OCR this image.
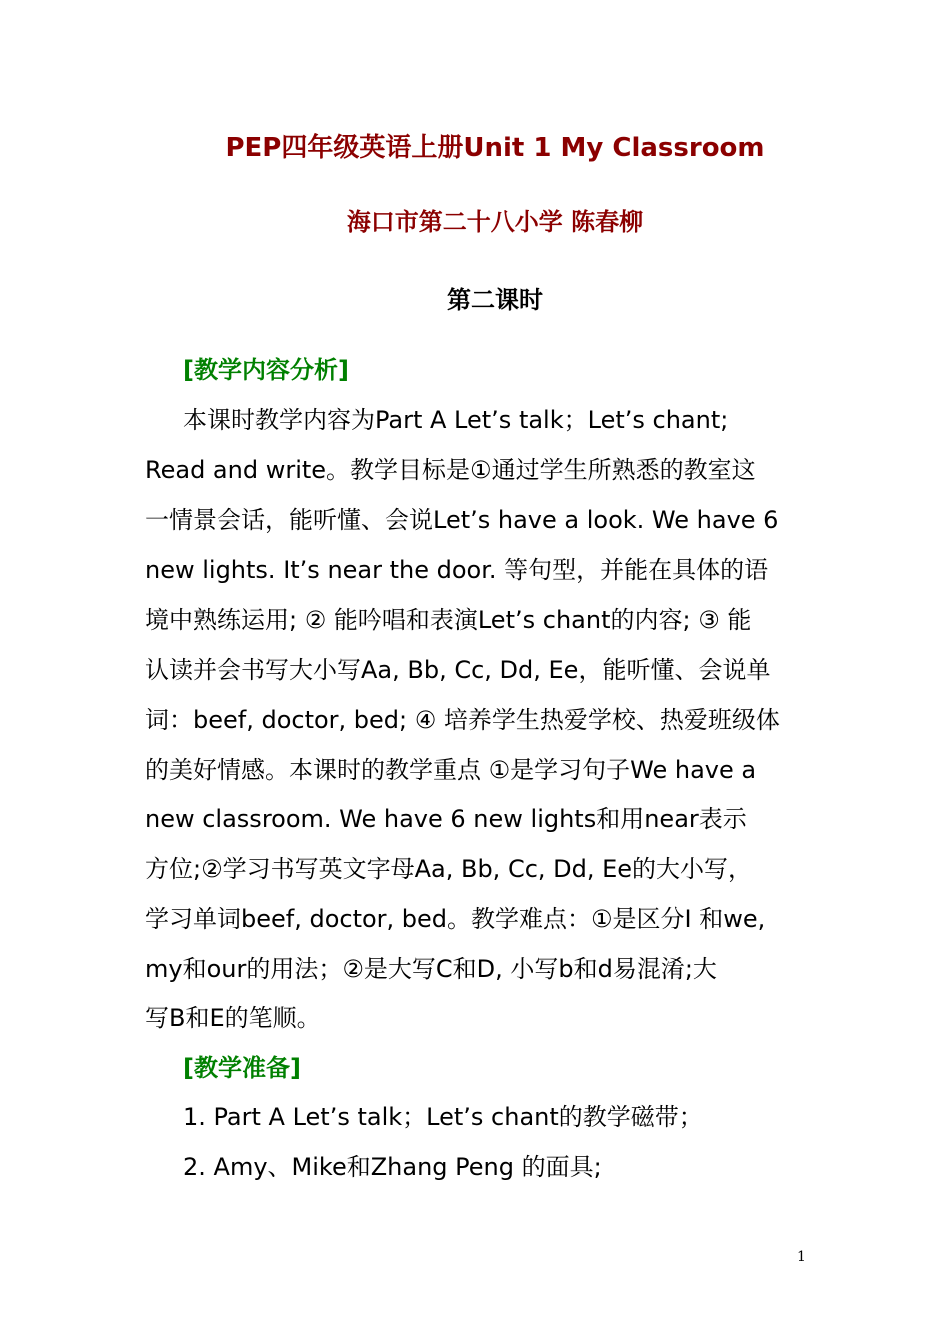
PEP四年级英语上册Unit 1 My Classroom
海口市第二十八小学 陈春柳
第二课时
[教学内容分析]
本课时教学内容为Part A Let’s talk；Let’s chant;
Read and write。教学目标是①通过学生所熟悉的教室这
一情景会话，能听懂、会说Let’s have a look. We have 6
new lights. It’s near the door. 等句型，并能在具体的语
境中熟练运用; ② 能吟唱和表演Let’s chant的内容; ③ 能
认读并会书写大小写Aa, Bb, Cc, Dd, Ee，能听懂、会说单
词：beef, doctor, bed; ④ 培养学生热爱学校、热爱班级体
的美好情感。本课时的教学重点 ①是学习句子We have a
new classroom. We have 6 new lights和用near表示
方位;②学习书写英文字母Aa, Bb, Cc, Dd, Ee的大小写，
学习单词beef, doctor, bed。教学难点：①是区分I 和we,
my和our的用法；②是大写C和D, 小写b和d易混淆;大
写B和E的笔顺。
[教学准备]
1. Part A Let’s talk；Let’s chant的教学磁带；
2. Amy、Mike和Zhang Peng 的面具;
1
